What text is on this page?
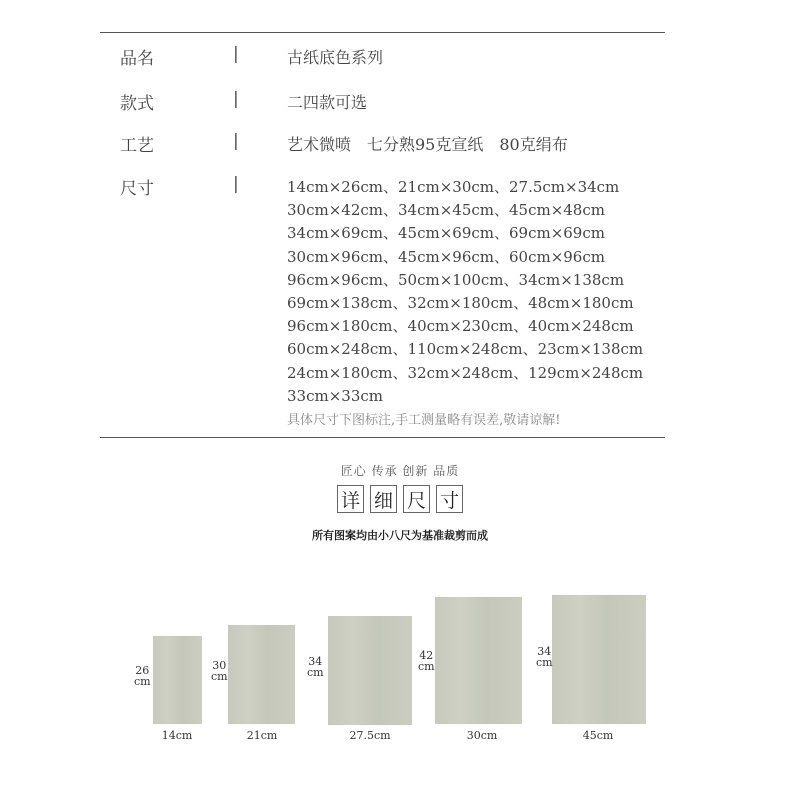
品名	|	古纸底色系列
款式	|	二四款可选
工艺	|	艺术微喷　七分熟95克宣纸　80克绢布
尺寸	|	14cm×26cm、21cm×30cm、27.5cm×34cm
30cm×42cm、34cm×45cm、45cm×48cm
34cm×69cm、45cm×69cm、69cm×69cm
30cm×96cm、45cm×96cm、60cm×96cm
96cm×96cm、50cm×100cm、34cm×138cm
69cm×138cm、32cm×180cm、48cm×180cm
96cm×180cm、40cm×230cm、40cm×248cm
60cm×248cm、110cm×248cm、23cm×138cm
24cm×180cm、32cm×248cm、129cm×248cm
33cm×33cm
具体尺寸下图标注,手工测量略有误差,敬请谅解!
匠心 传承 创新 品质
详 细 尺 寸
所有图案均由小八尺为基准裁剪而成
26
cm
14cm
30
cm
21cm
34
cm
27.5cm
42
cm
30cm
34
cm
45cm
